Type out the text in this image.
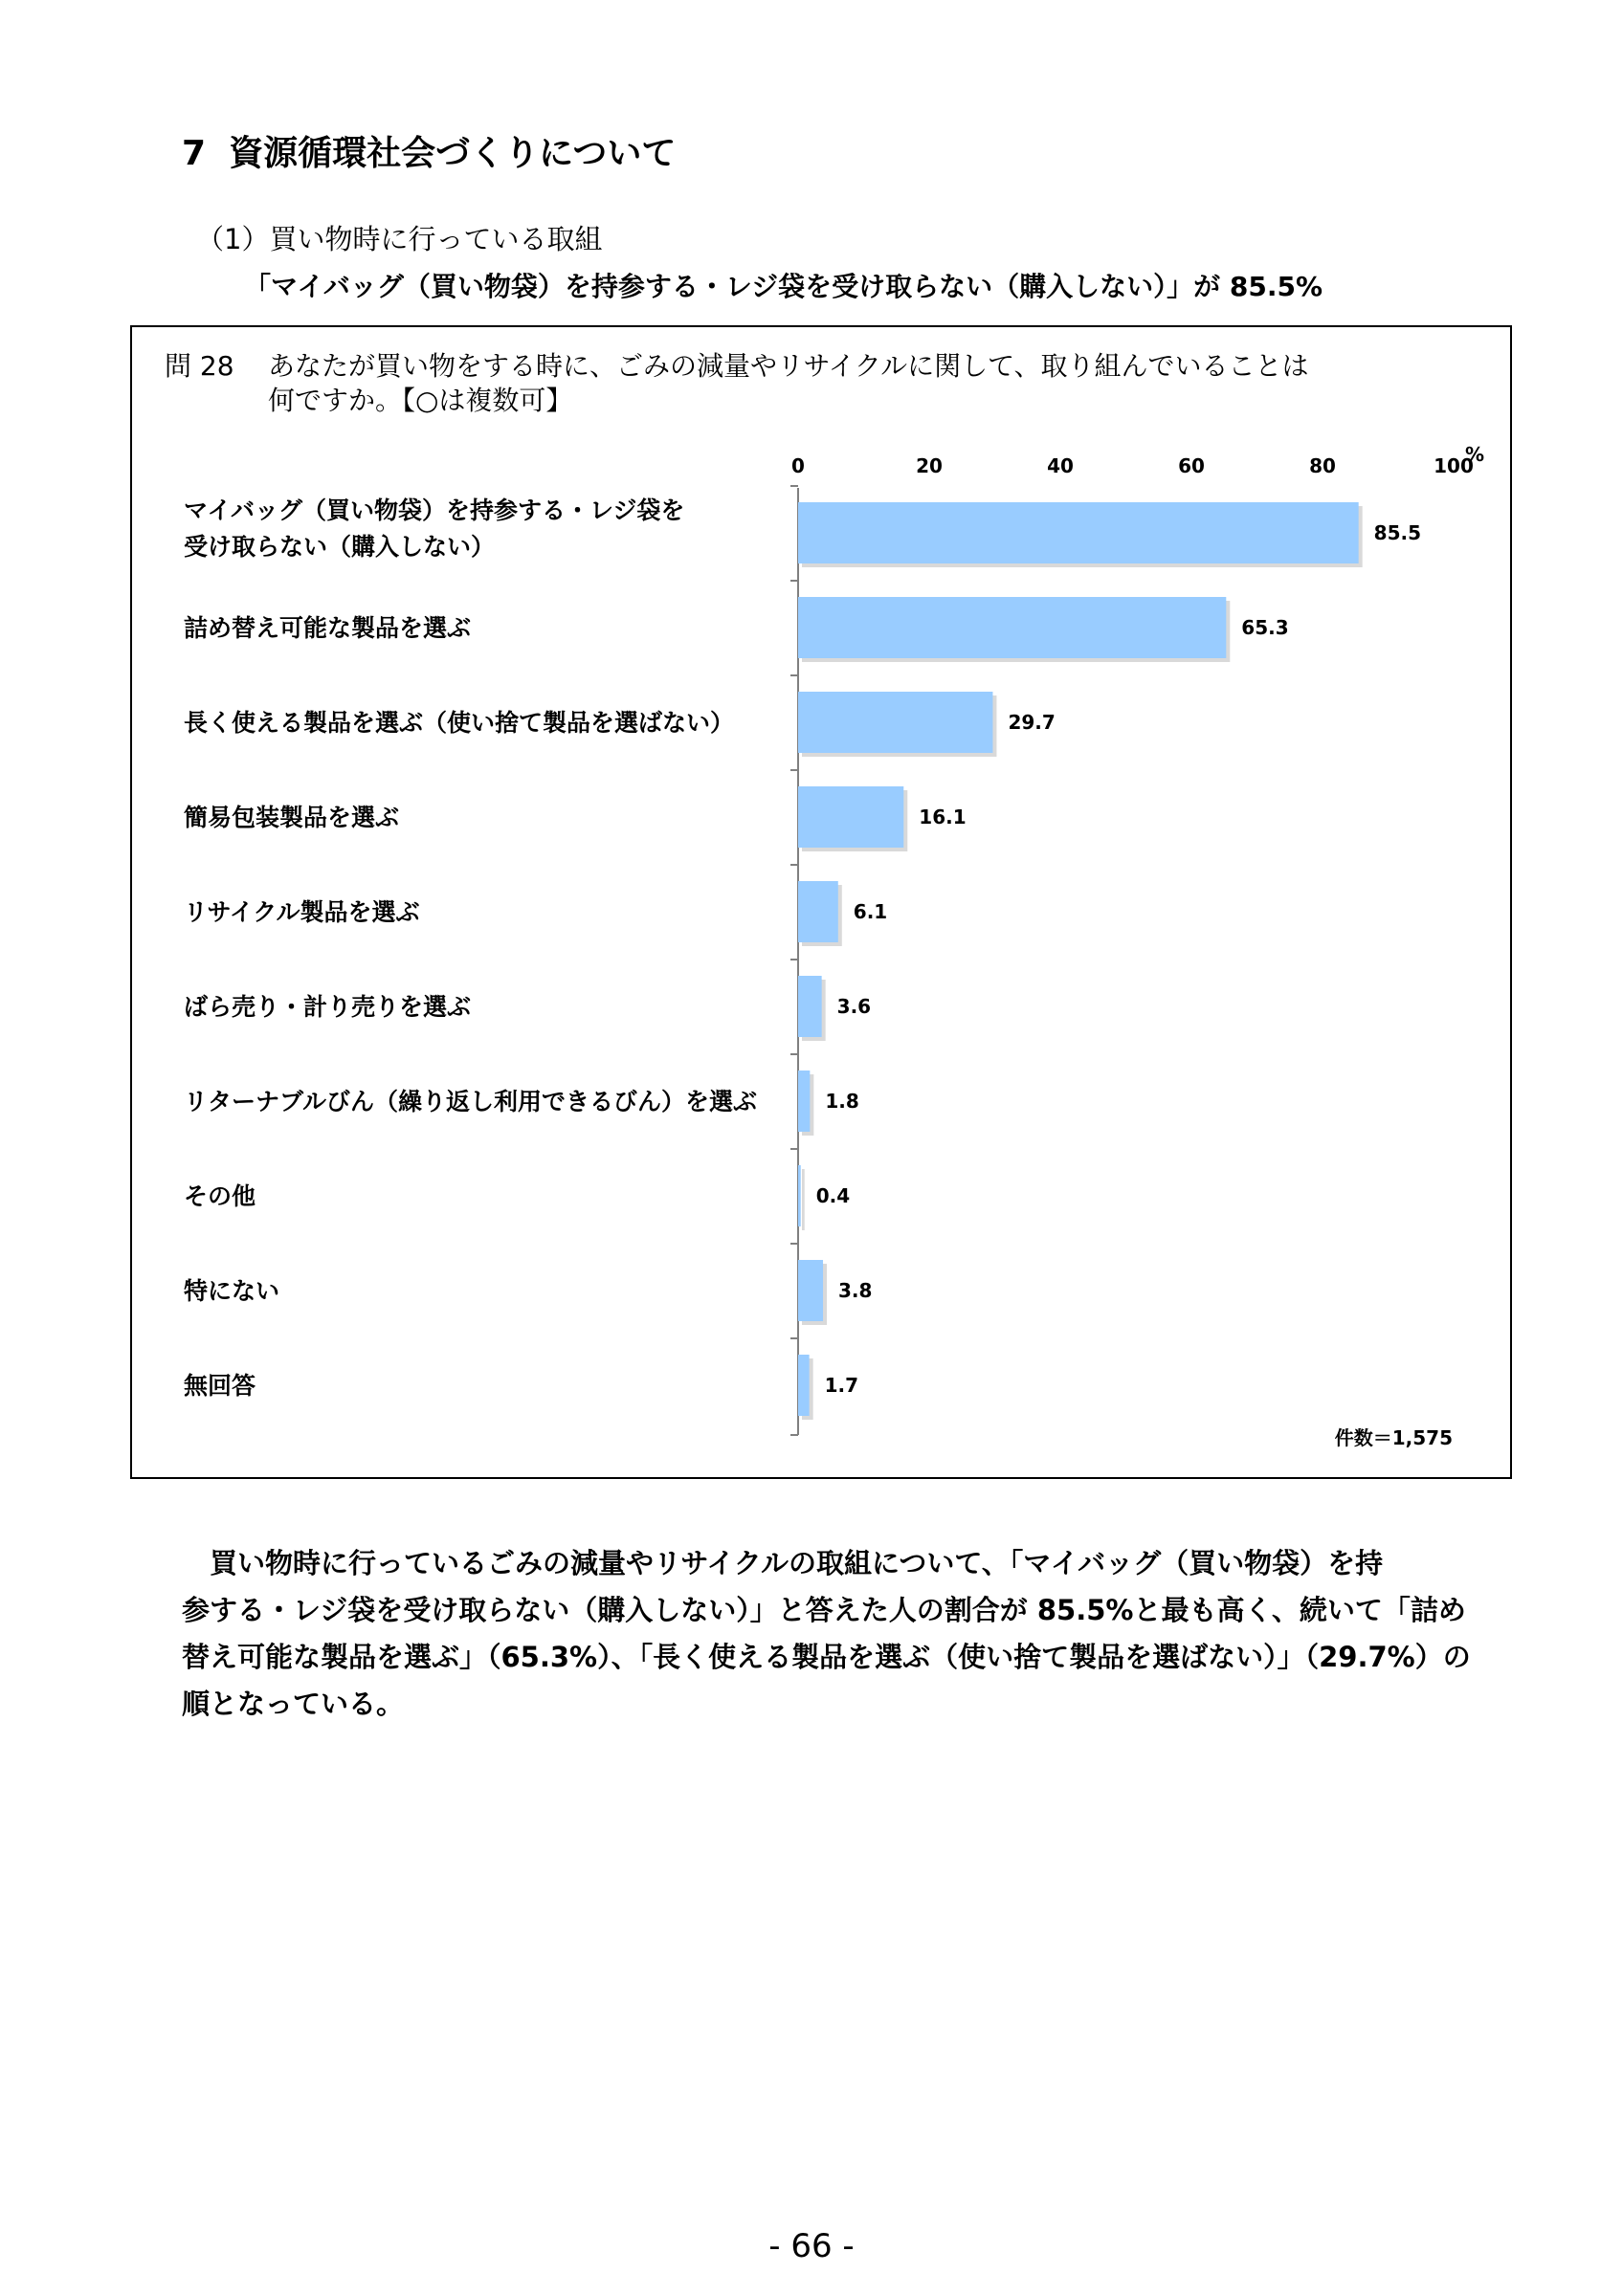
7 資源循環社会づくりについて
（1）買い物時に行っている取組
「マイバッグ（買い物袋）を持参する・レジ袋を受け取らない（購入しない）」が 85.5%
問 28 あなたが買い物をする時に、ごみの減量やリサイクルに関して、取り組んでいることは
何ですか。【○は複数可】
0	20	40	60	80	100
%
85.5
マイバッグ（買い物袋）を持参する・レジ袋を
受け取らない（購入しない）
65.3
詰め替え可能な製品を選ぶ
29.7
長く使える製品を選ぶ（使い捨て製品を選ばない）
16.1
簡易包装製品を選ぶ
6.1
リサイクル製品を選ぶ
3.6
ばら売り・計り売りを選ぶ
1.8
リターナブルびん（繰り返し利用できるびん）を選ぶ
0.4
その他
3.8
特にない
1.7
無回答
件数＝1,575

　買い物時に行っているごみの減量やリサイクルの取組について、「マイバッグ（買い物袋）を持

参する・レジ袋を受け取らない（購入しない）」と答えた人の割合が 85.5%と最も高く、続いて「詰め

替え可能な製品を選ぶ」（65.3%）、「長く使える製品を選ぶ（使い捨て製品を選ばない）」（29.7%）の

順となっている。

- 66 -
